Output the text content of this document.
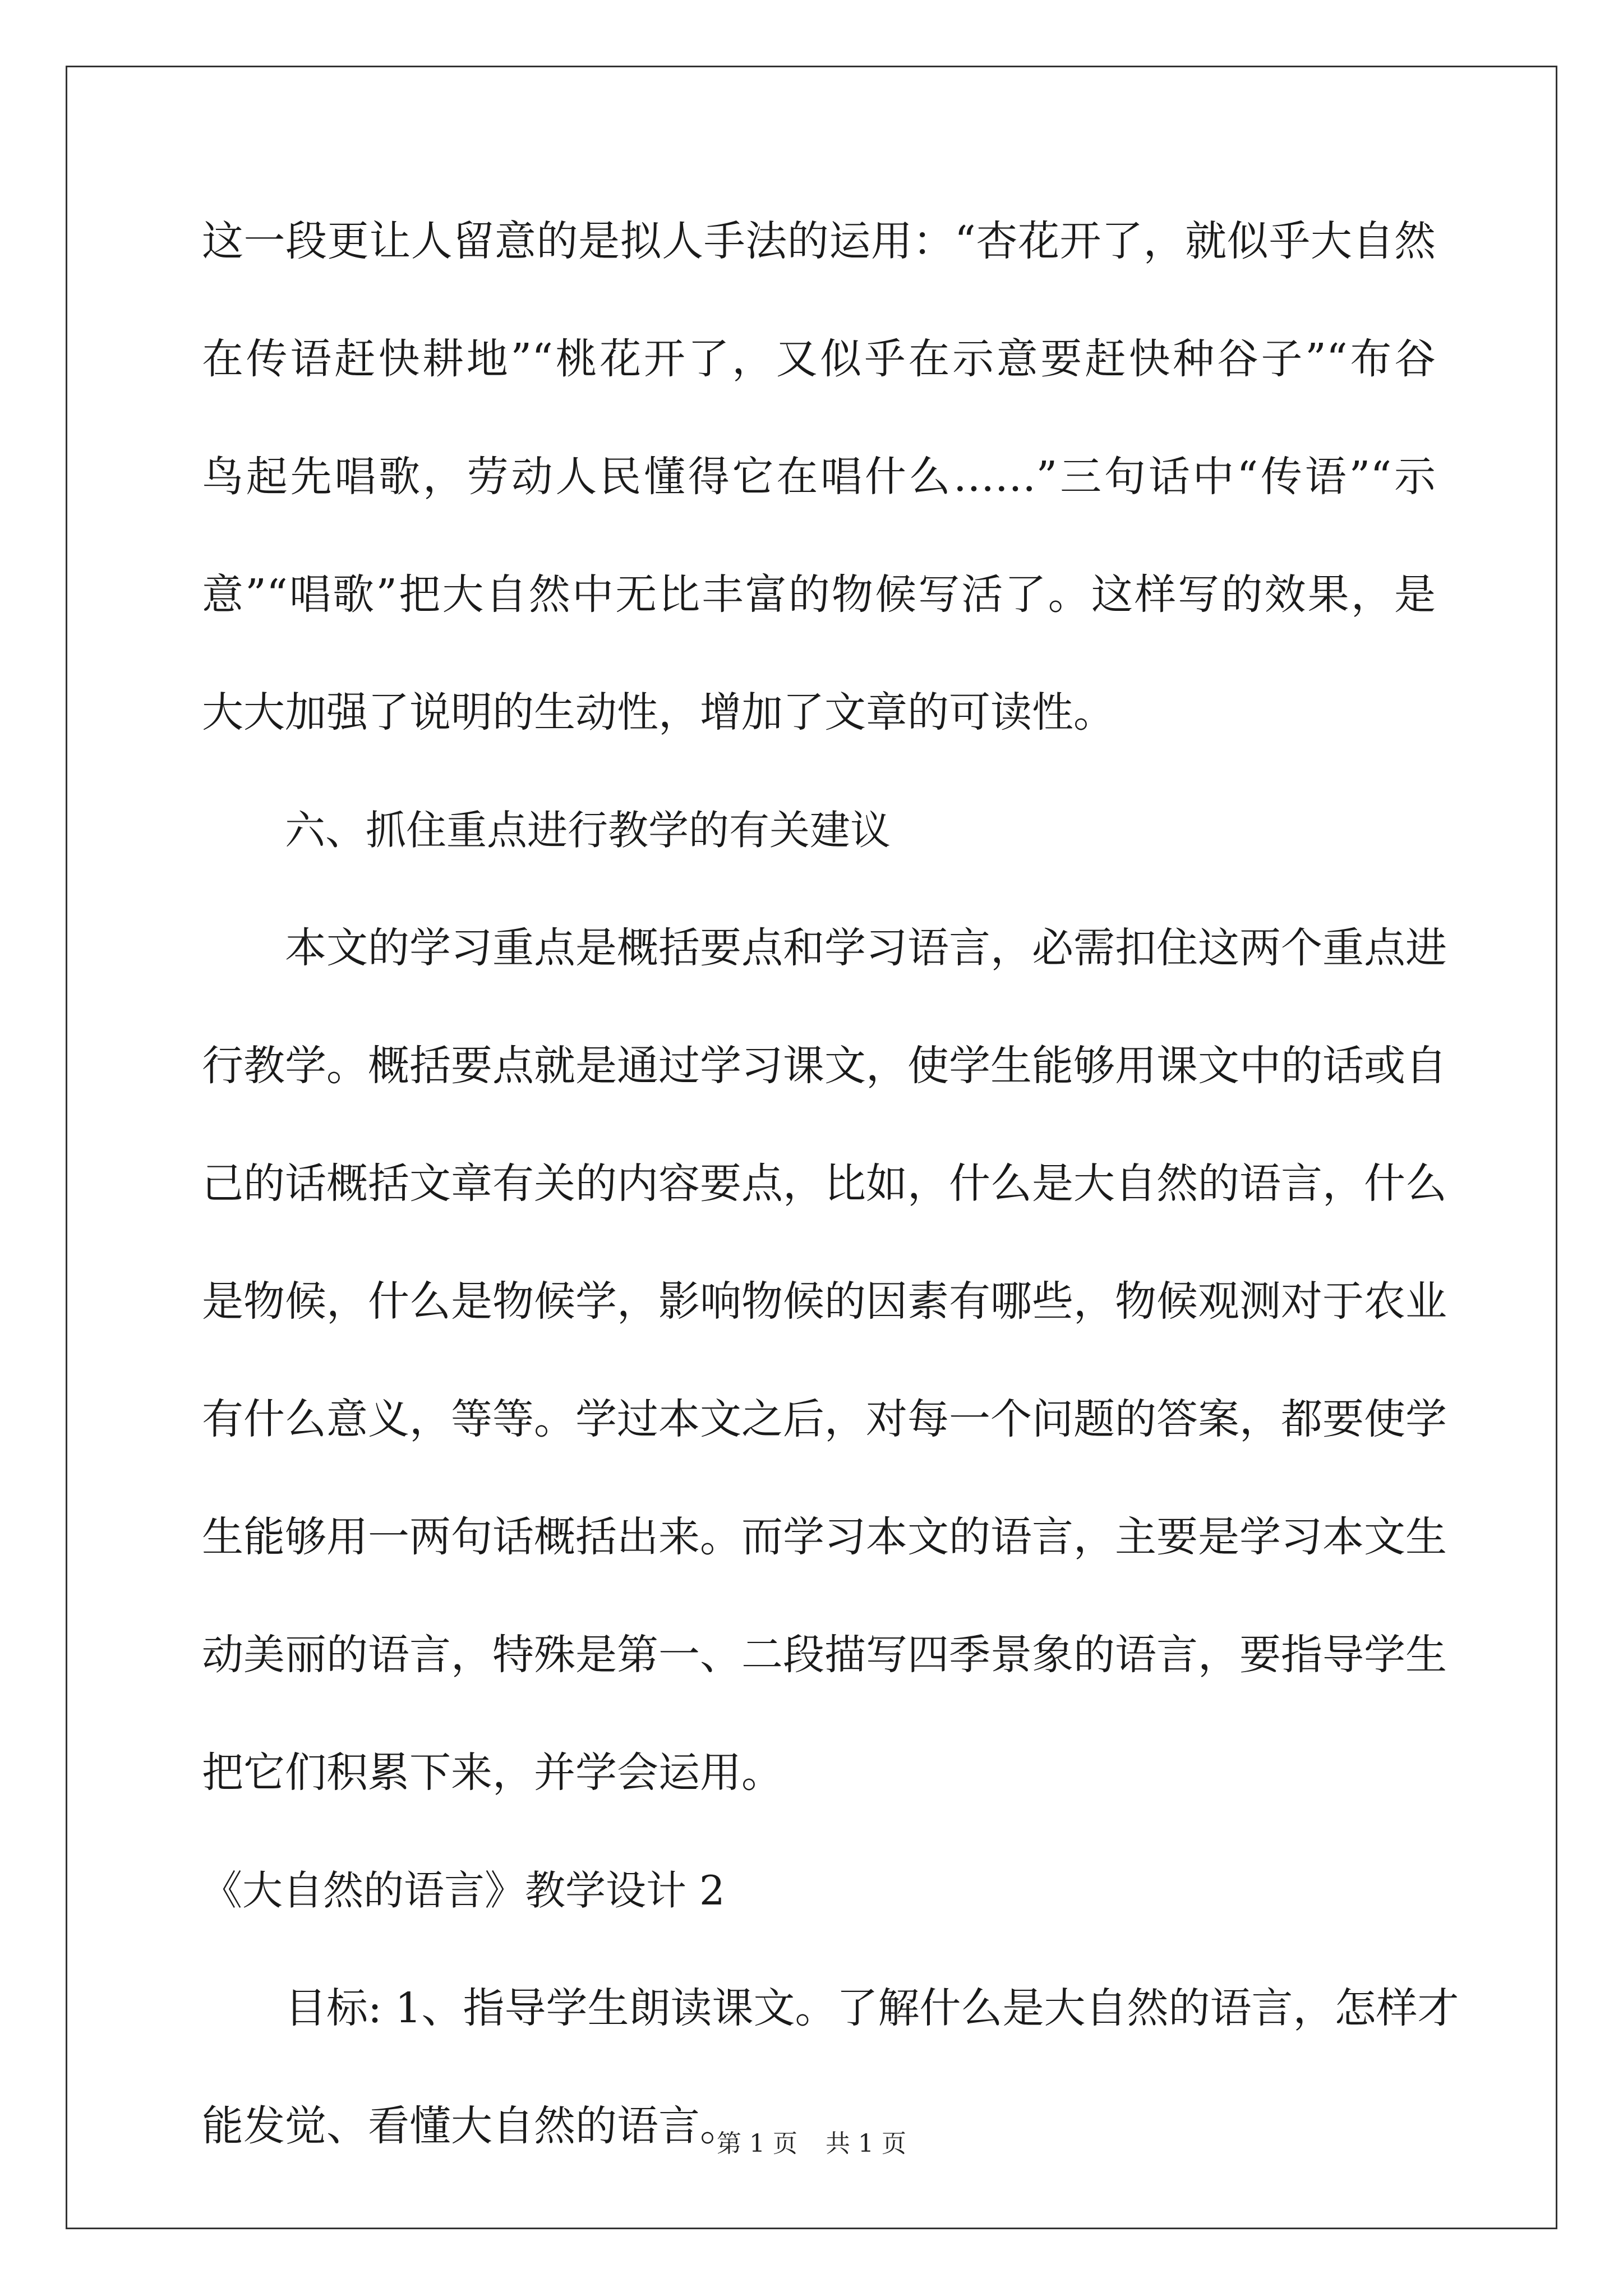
这一段更让人留意的是拟人手法的运用：“杏花开了，就似乎大自然
在传语赶快耕地”“桃花开了，又似乎在示意要赶快种谷子”“布谷
鸟起先唱歌，劳动人民懂得它在唱什么……”三句话中“传语”“示
意”“唱歌”把大自然中无比丰富的物候写活了。这样写的效果，是
大大加强了说明的生动性，增加了文章的可读性。
六、抓住重点进行教学的有关建议
本文的学习重点是概括要点和学习语言，必需扣住这两个重点进
行教学。概括要点就是通过学习课文，使学生能够用课文中的话或自
己的话概括文章有关的内容要点，比如，什么是大自然的语言，什么
是物候，什么是物候学，影响物候的因素有哪些，物候观测对于农业
有什么意义，等等。学过本文之后，对每一个问题的答案，都要使学
生能够用一两句话概括出来。而学习本文的语言，主要是学习本文生
动美丽的语言，特殊是第一、二段描写四季景象的语言，要指导学生
把它们积累下来，并学会运用。
《大自然的语言》教学设计 2
目标: 1、指导学生朗读课文。了解什么是大自然的语言，怎样才
能发觉、看懂大自然的语言。
第 1 页 共 1 页
